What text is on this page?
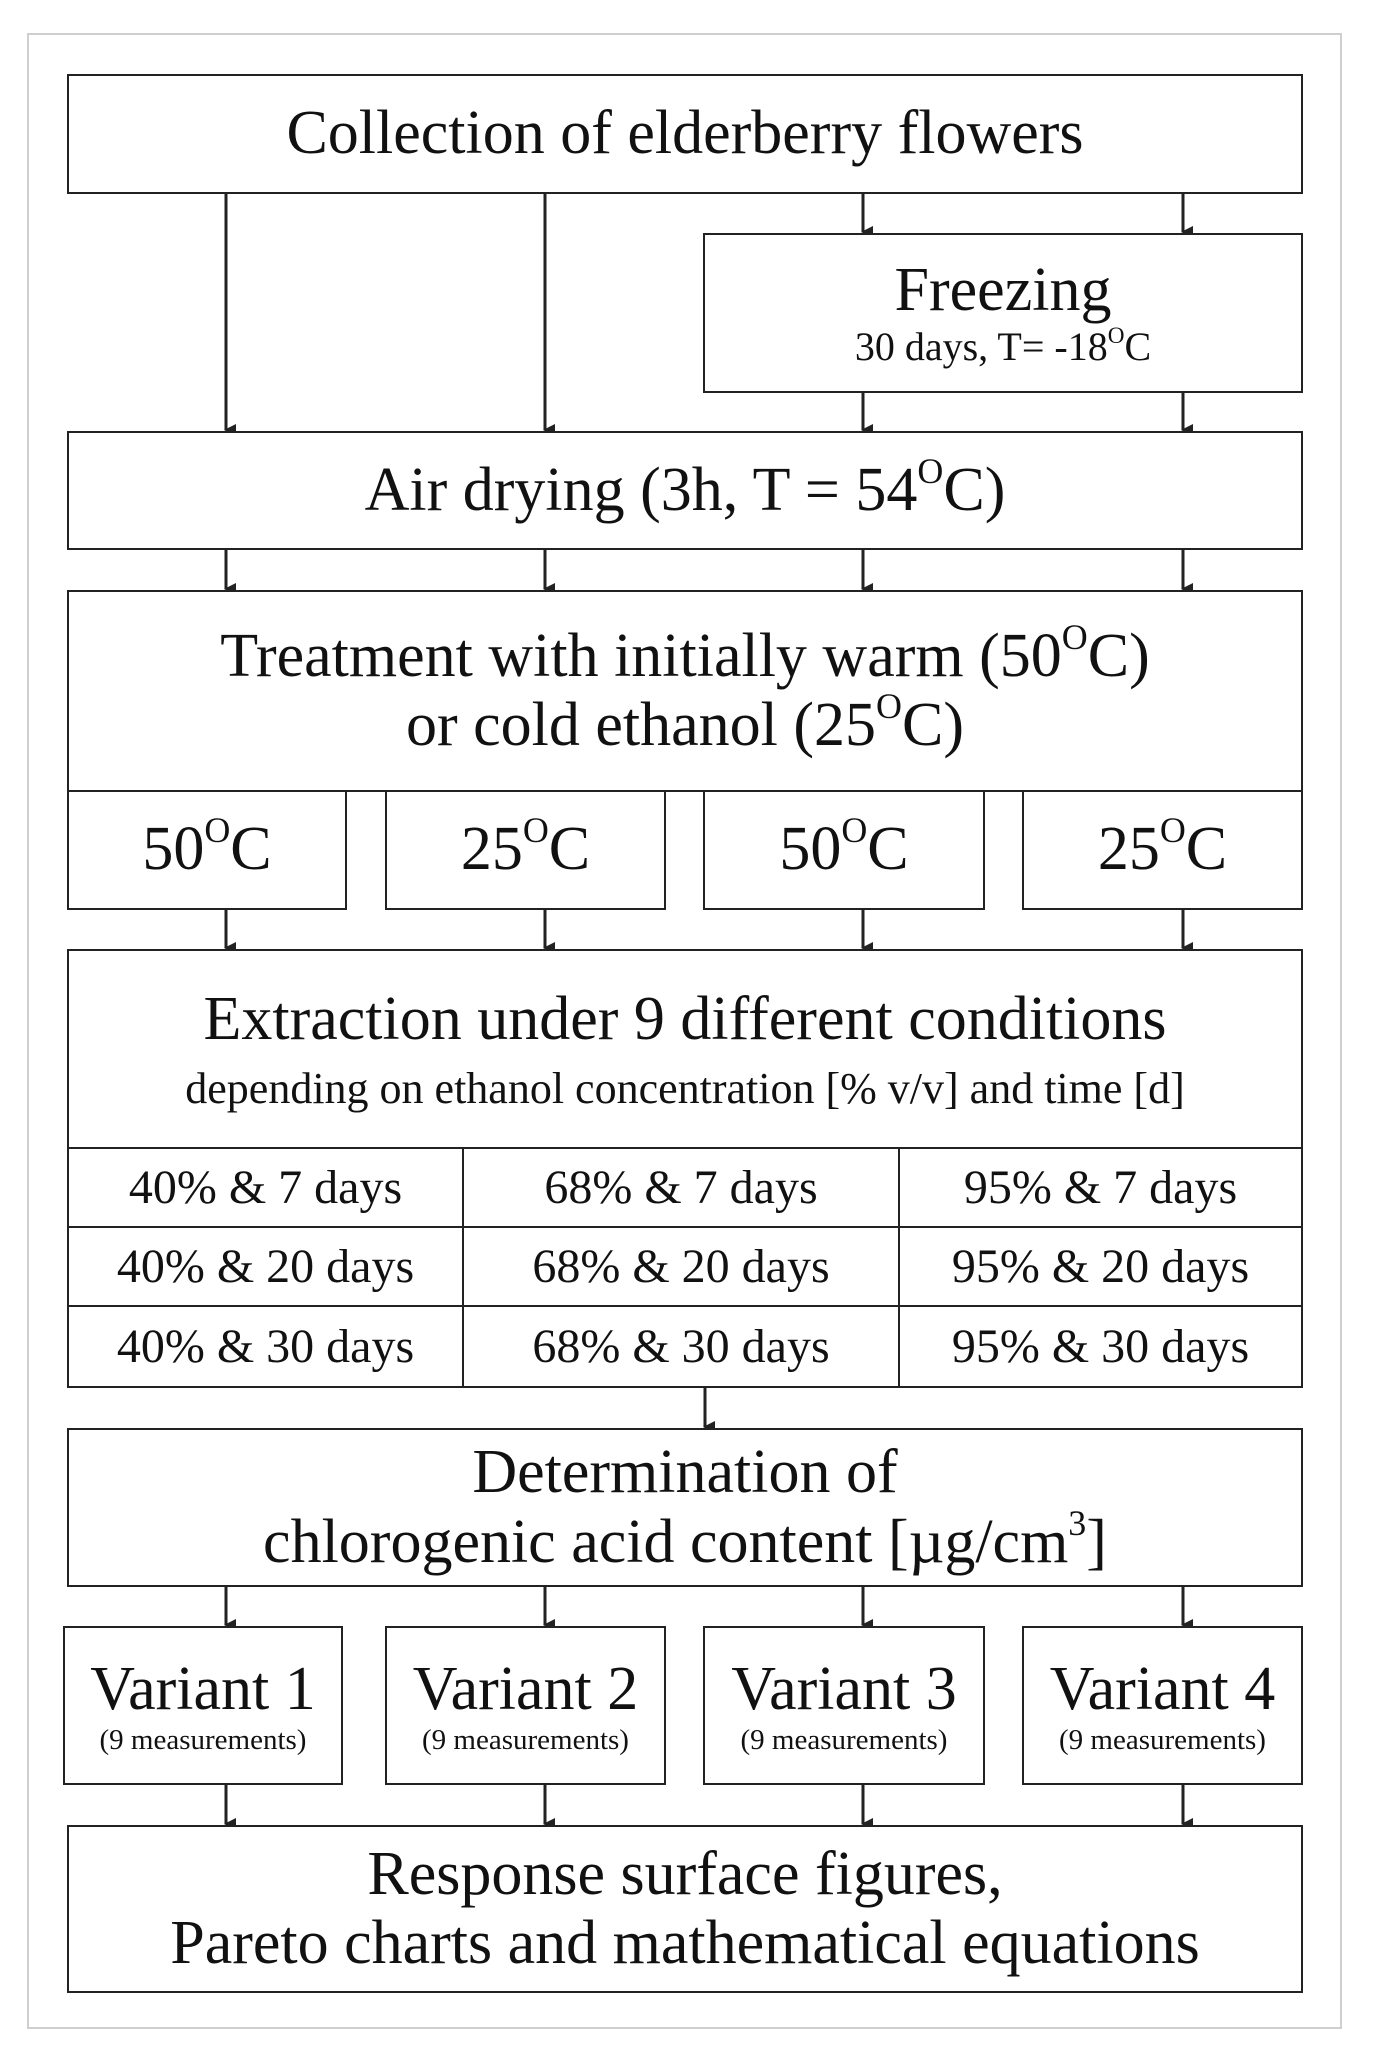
Collection of elderberry flowers
Freezing
30 days, $T= -18^OC$
Air drying (3h, $T = 54^OC$)
Treatment with initially warm $(50^OC)$
or cold ethanol $(25^OC)$
$50^OC$	$25^OC$	$50^OC$	$25^OC$
Extraction under 9 different conditions
depending on ethanol concentration [% v/v] and time [d]
40% & 7 days	68% & 7 days	95% & 7 days
40% & 20 days	68% & 20 days	95% & 20 days
40% & 30 days	68% & 30 days	95% & 30 days
Determination of
chlorogenic acid content $[\mu g/cm^3]$
Variant 1
(9 measurements)
Variant 2
(9 measurements)
Variant 3
(9 measurements)
Variant 4
(9 measurements)
Response surface figures,
Pareto charts and mathematical equations
